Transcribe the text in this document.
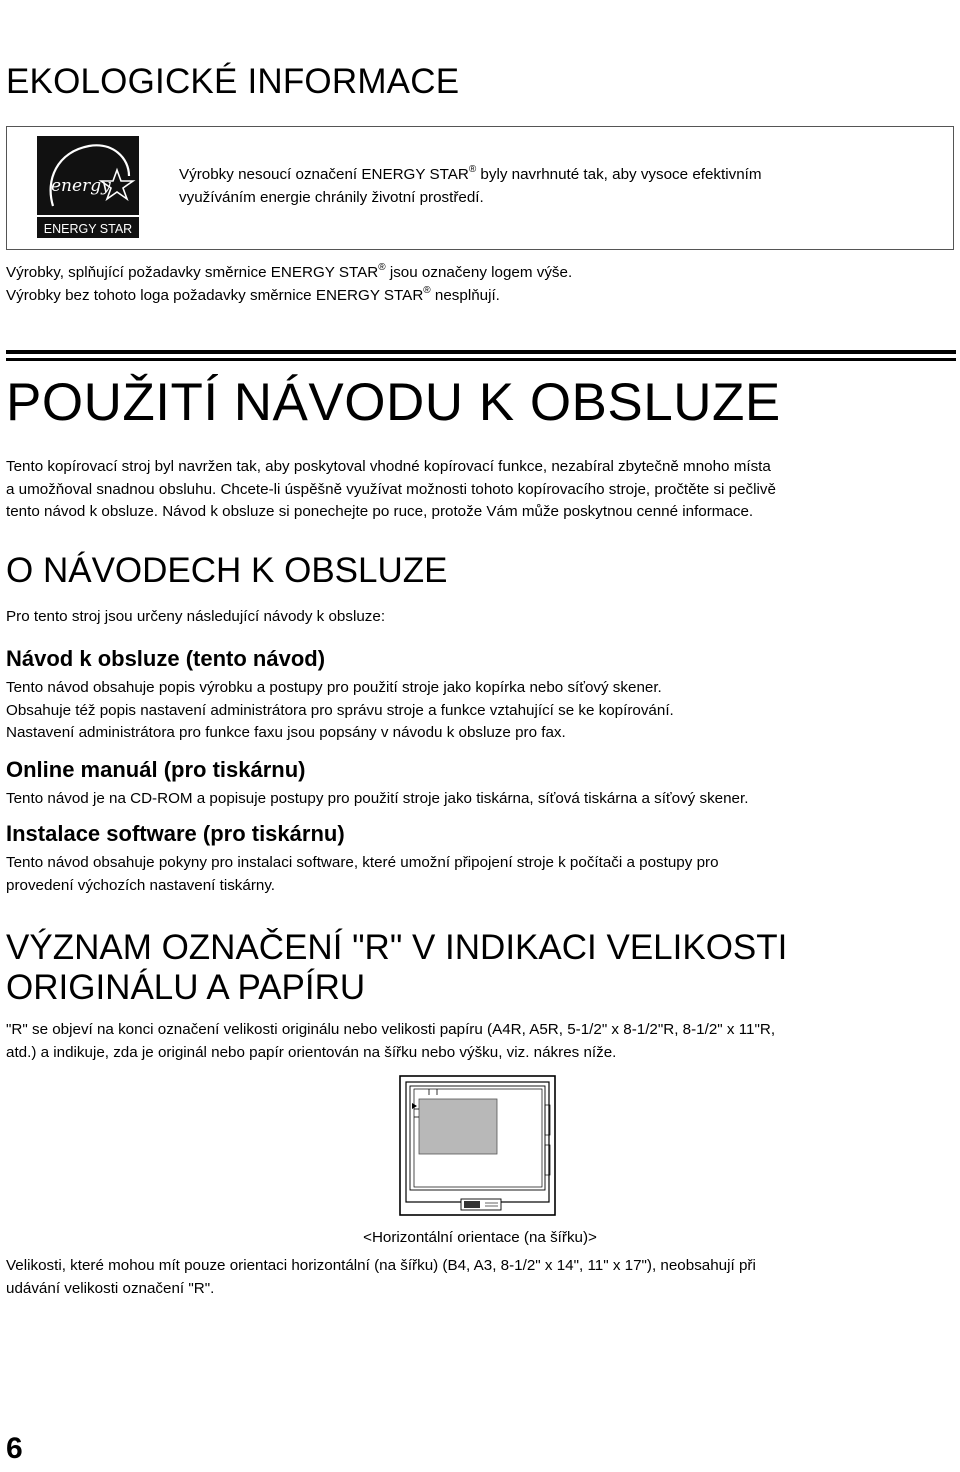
EKOLOGICKÉ INFORMACE
energy
ENERGY STAR
Výrobky nesoucí označení ENERGY STAR® byly navrhnuté tak, aby vysoce efektivním
využíváním energie chránily životní prostředí.
Výrobky, splňující požadavky směrnice ENERGY STAR® jsou označeny logem výše.
Výrobky bez tohoto loga požadavky směrnice ENERGY STAR® nesplňují.
POUŽITÍ NÁVODU K OBSLUZE
Tento kopírovací stroj byl navržen tak, aby poskytoval vhodné kopírovací funkce, nezabíral zbytečně mnoho místa
a umožňoval snadnou obsluhu. Chcete-li úspěšně využívat možnosti tohoto kopírovacího stroje, pročtěte si pečlivě
tento návod k obsluze. Návod k obsluze si ponechejte po ruce, protože Vám může poskytnou cenné informace.
O NÁVODECH K OBSLUZE
Pro tento stroj jsou určeny následující návody k obsluze:
Návod k obsluze (tento návod)
Tento návod obsahuje popis výrobku a postupy pro použití stroje jako kopírka nebo síťový skener.
Obsahuje též popis nastavení administrátora pro správu stroje a funkce vztahující se ke kopírování.
Nastavení administrátora pro funkce faxu jsou popsány v návodu k obsluze pro fax.
Online manuál (pro tiskárnu)
Tento návod je na CD-ROM a popisuje postupy pro použití stroje jako tiskárna, síťová tiskárna a síťový skener.
Instalace software (pro tiskárnu)
Tento návod obsahuje pokyny pro instalaci software, které umožní připojení stroje k počítači a postupy pro
provedení výchozích nastavení tiskárny.
VÝZNAM OZNAČENÍ "R" V INDIKACI VELIKOSTI
ORIGINÁLU A PAPÍRU
"R" se objeví na konci označení velikosti originálu nebo velikosti papíru (A4R, A5R, 5-1/2" x 8-1/2"R, 8-1/2" x 11"R,
atd.) a indikuje, zda je originál nebo papír orientován na šířku nebo výšku, viz. nákres níže.
<Horizontální orientace (na šířku)>
Velikosti, které mohou mít pouze orientaci horizontální (na šířku) (B4, A3, 8-1/2" x 14", 11" x 17"), neobsahují při
udávání velikosti označení "R".
6
